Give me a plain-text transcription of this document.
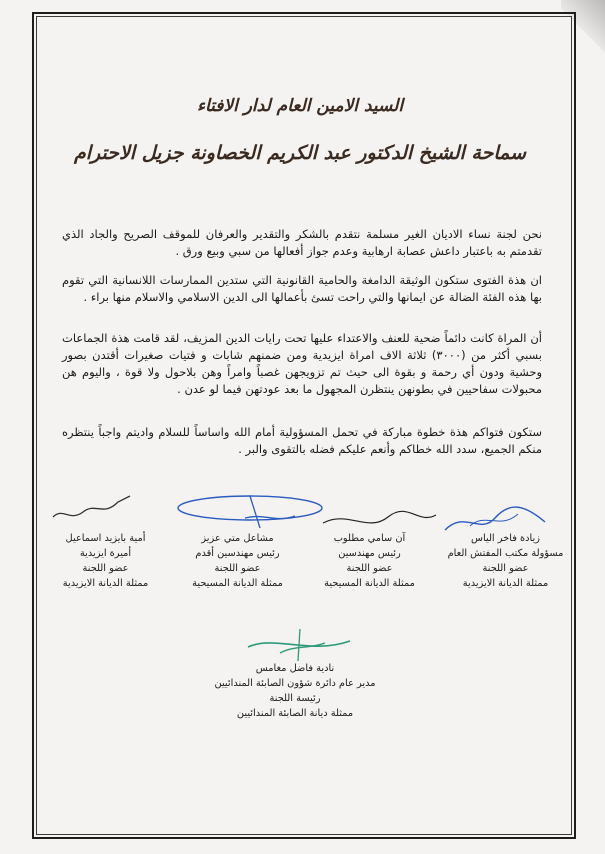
السيد الامين العام لدار الافتاء

سماحة الشيخ الدكتور عبد الكريم الخصاونة جزيل الاحترام

نحن لجنة نساء الاديان الغير مسلمة نتقدم بالشكر والتقدير والعرفان للموقف الصريح والجاد الذي تقدمتم به باعتبار داعش عصابة ارهابية وعدم جواز أفعالها من سبي وبيع ورق .

ان هذة الفتوى ستكون الوثيقة الدامغة والحامية القانونية التي ستدين الممارسات اللانسانية التي تقوم بها هذه الفئة الضالة عن ايمانها والتي راحت تسئ بأعمالها الى الدين الاسلامي والاسلام منها براء .

أن المراة كانت دائماً ضحية للعنف والاعتداء عليها تحت رايات الدين المزيف، لقد قامت هذة الجماعات بسبي أكثر من (٣٠٠٠) ثلاثة الاف امراة ايزيدية ومن ضمنهم شابات و فتيات صغيرات أقتدن بصور وحشية ودون أي رحمة و بقوة الى حيث تم تزويجهن غصباً وامراً وهن بلاحول ولا قوة ، واليوم هن محبولات سفاحيين في بطونهن ينتظرن المجهول ما بعد عودتهن فيما لو عدن .

ستكون فتواكم هذة خطوة مباركة في تحمل المسؤولية أمام الله واساساً للسلام واديتم واجباً ينتظره منكم الجميع، سدد الله خطاكم وأنعم عليكم فضله بالتقوى والبر .

زيادة فاخر الياس
مسؤولة مكتب المفتش العام
عضو اللجنة
ممثلة الديانة الايزيدية
آن سامي مطلوب
رئيس مهندسين
عضو اللجنة
ممثلة الديانة المسيحية
مشاعل متي عزيز
رئيس مهندسين أقدم
عضو اللجنة
ممثلة الديانة المسيحية
أمية بايزيد اسماعيل
أميرة ايزيدية
عضو اللجنة
ممثلة الديانة الايزيدية
نادية فاضل مغامس
مدير عام دائرة شؤون الصابئة المندائيين
رئيسة اللجنة
ممثلة ديانة الصابئة المندائيين
